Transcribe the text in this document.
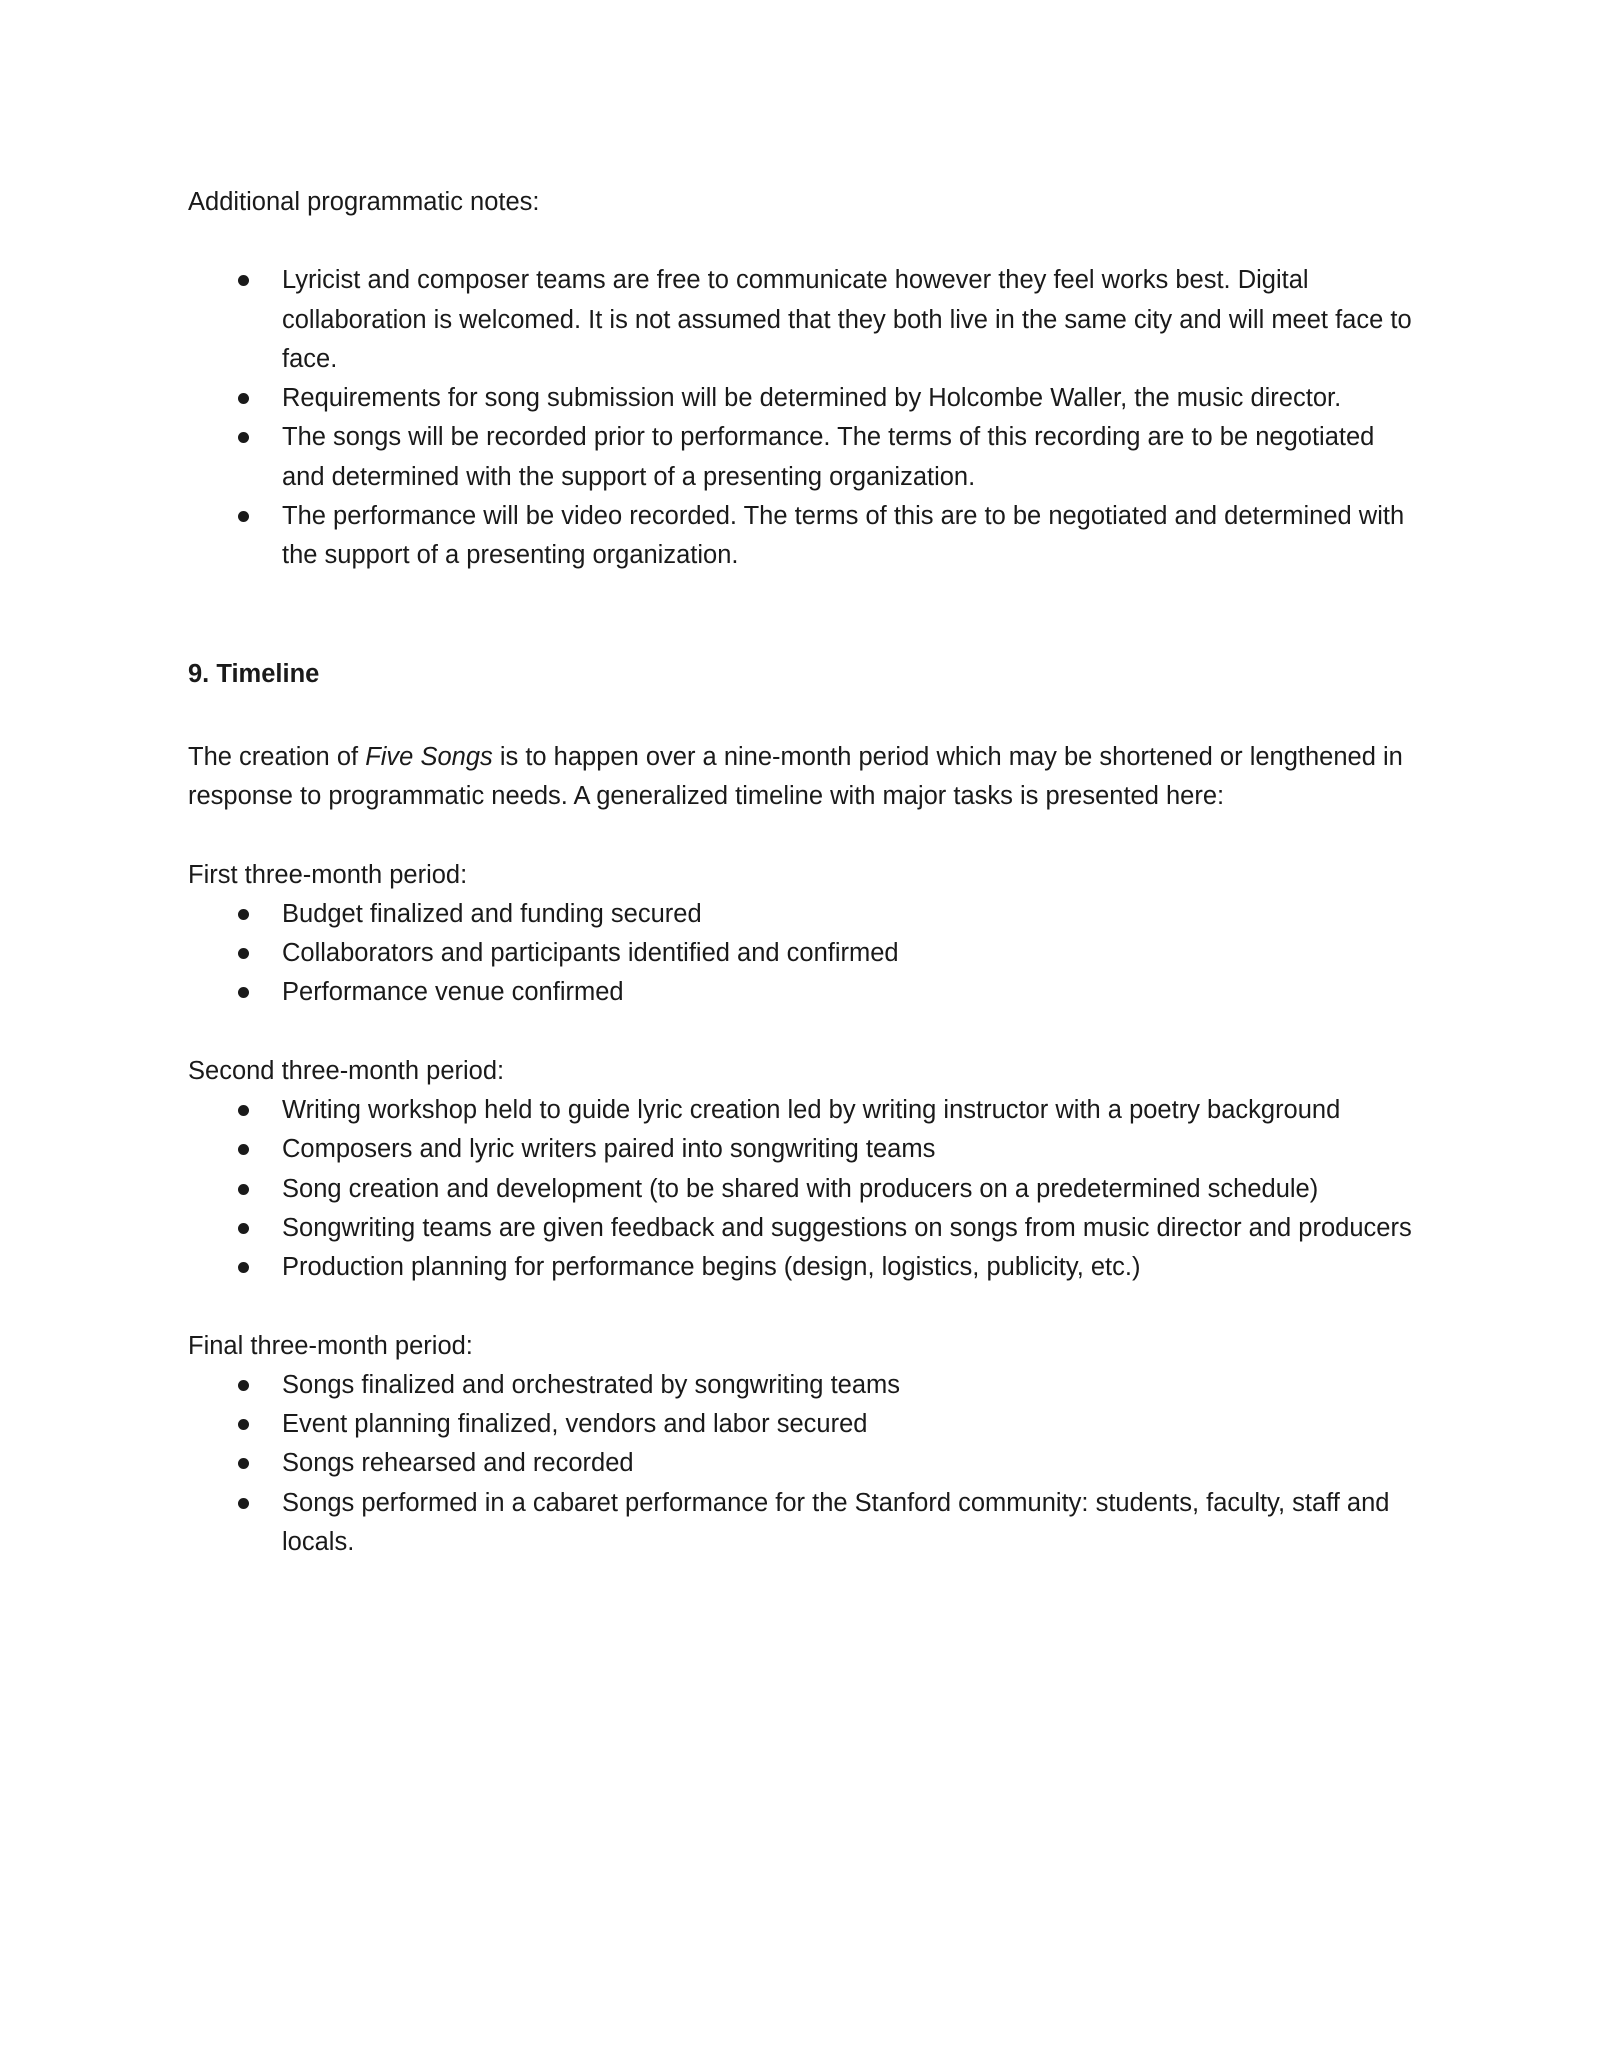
Additional programmatic notes:

Lyricist and composer teams are free to communicate however they feel works best. Digital collaboration is welcomed. It is not assumed that they both live in the same city and will meet face to face.
Requirements for song submission will be determined by Holcombe Waller, the music director.
The songs will be recorded prior to performance. The terms of this recording are to be negotiated and determined with the support of a presenting organization.
The performance will be video recorded. The terms of this are to be negotiated and determined with the support of a presenting organization.

9. Timeline

The creation of Five Songs is to happen over a nine-month period which may be shortened or lengthened in response to programmatic needs. A generalized timeline with major tasks is presented here:

First three-month period:

Budget finalized and funding secured
Collaborators and participants identified and confirmed
Performance venue confirmed

Second three-month period:

Writing workshop held to guide lyric creation led by writing instructor with a poetry background
Composers and lyric writers paired into songwriting teams
Song creation and development (to be shared with producers on a predetermined schedule)
Songwriting teams are given feedback and suggestions on songs from music director and producers
Production planning for performance begins (design, logistics, publicity, etc.)

Final three-month period:

Songs finalized and orchestrated by songwriting teams
Event planning finalized, vendors and labor secured
Songs rehearsed and recorded
Songs performed in a cabaret performance for the Stanford community: students, faculty, staff and locals.
